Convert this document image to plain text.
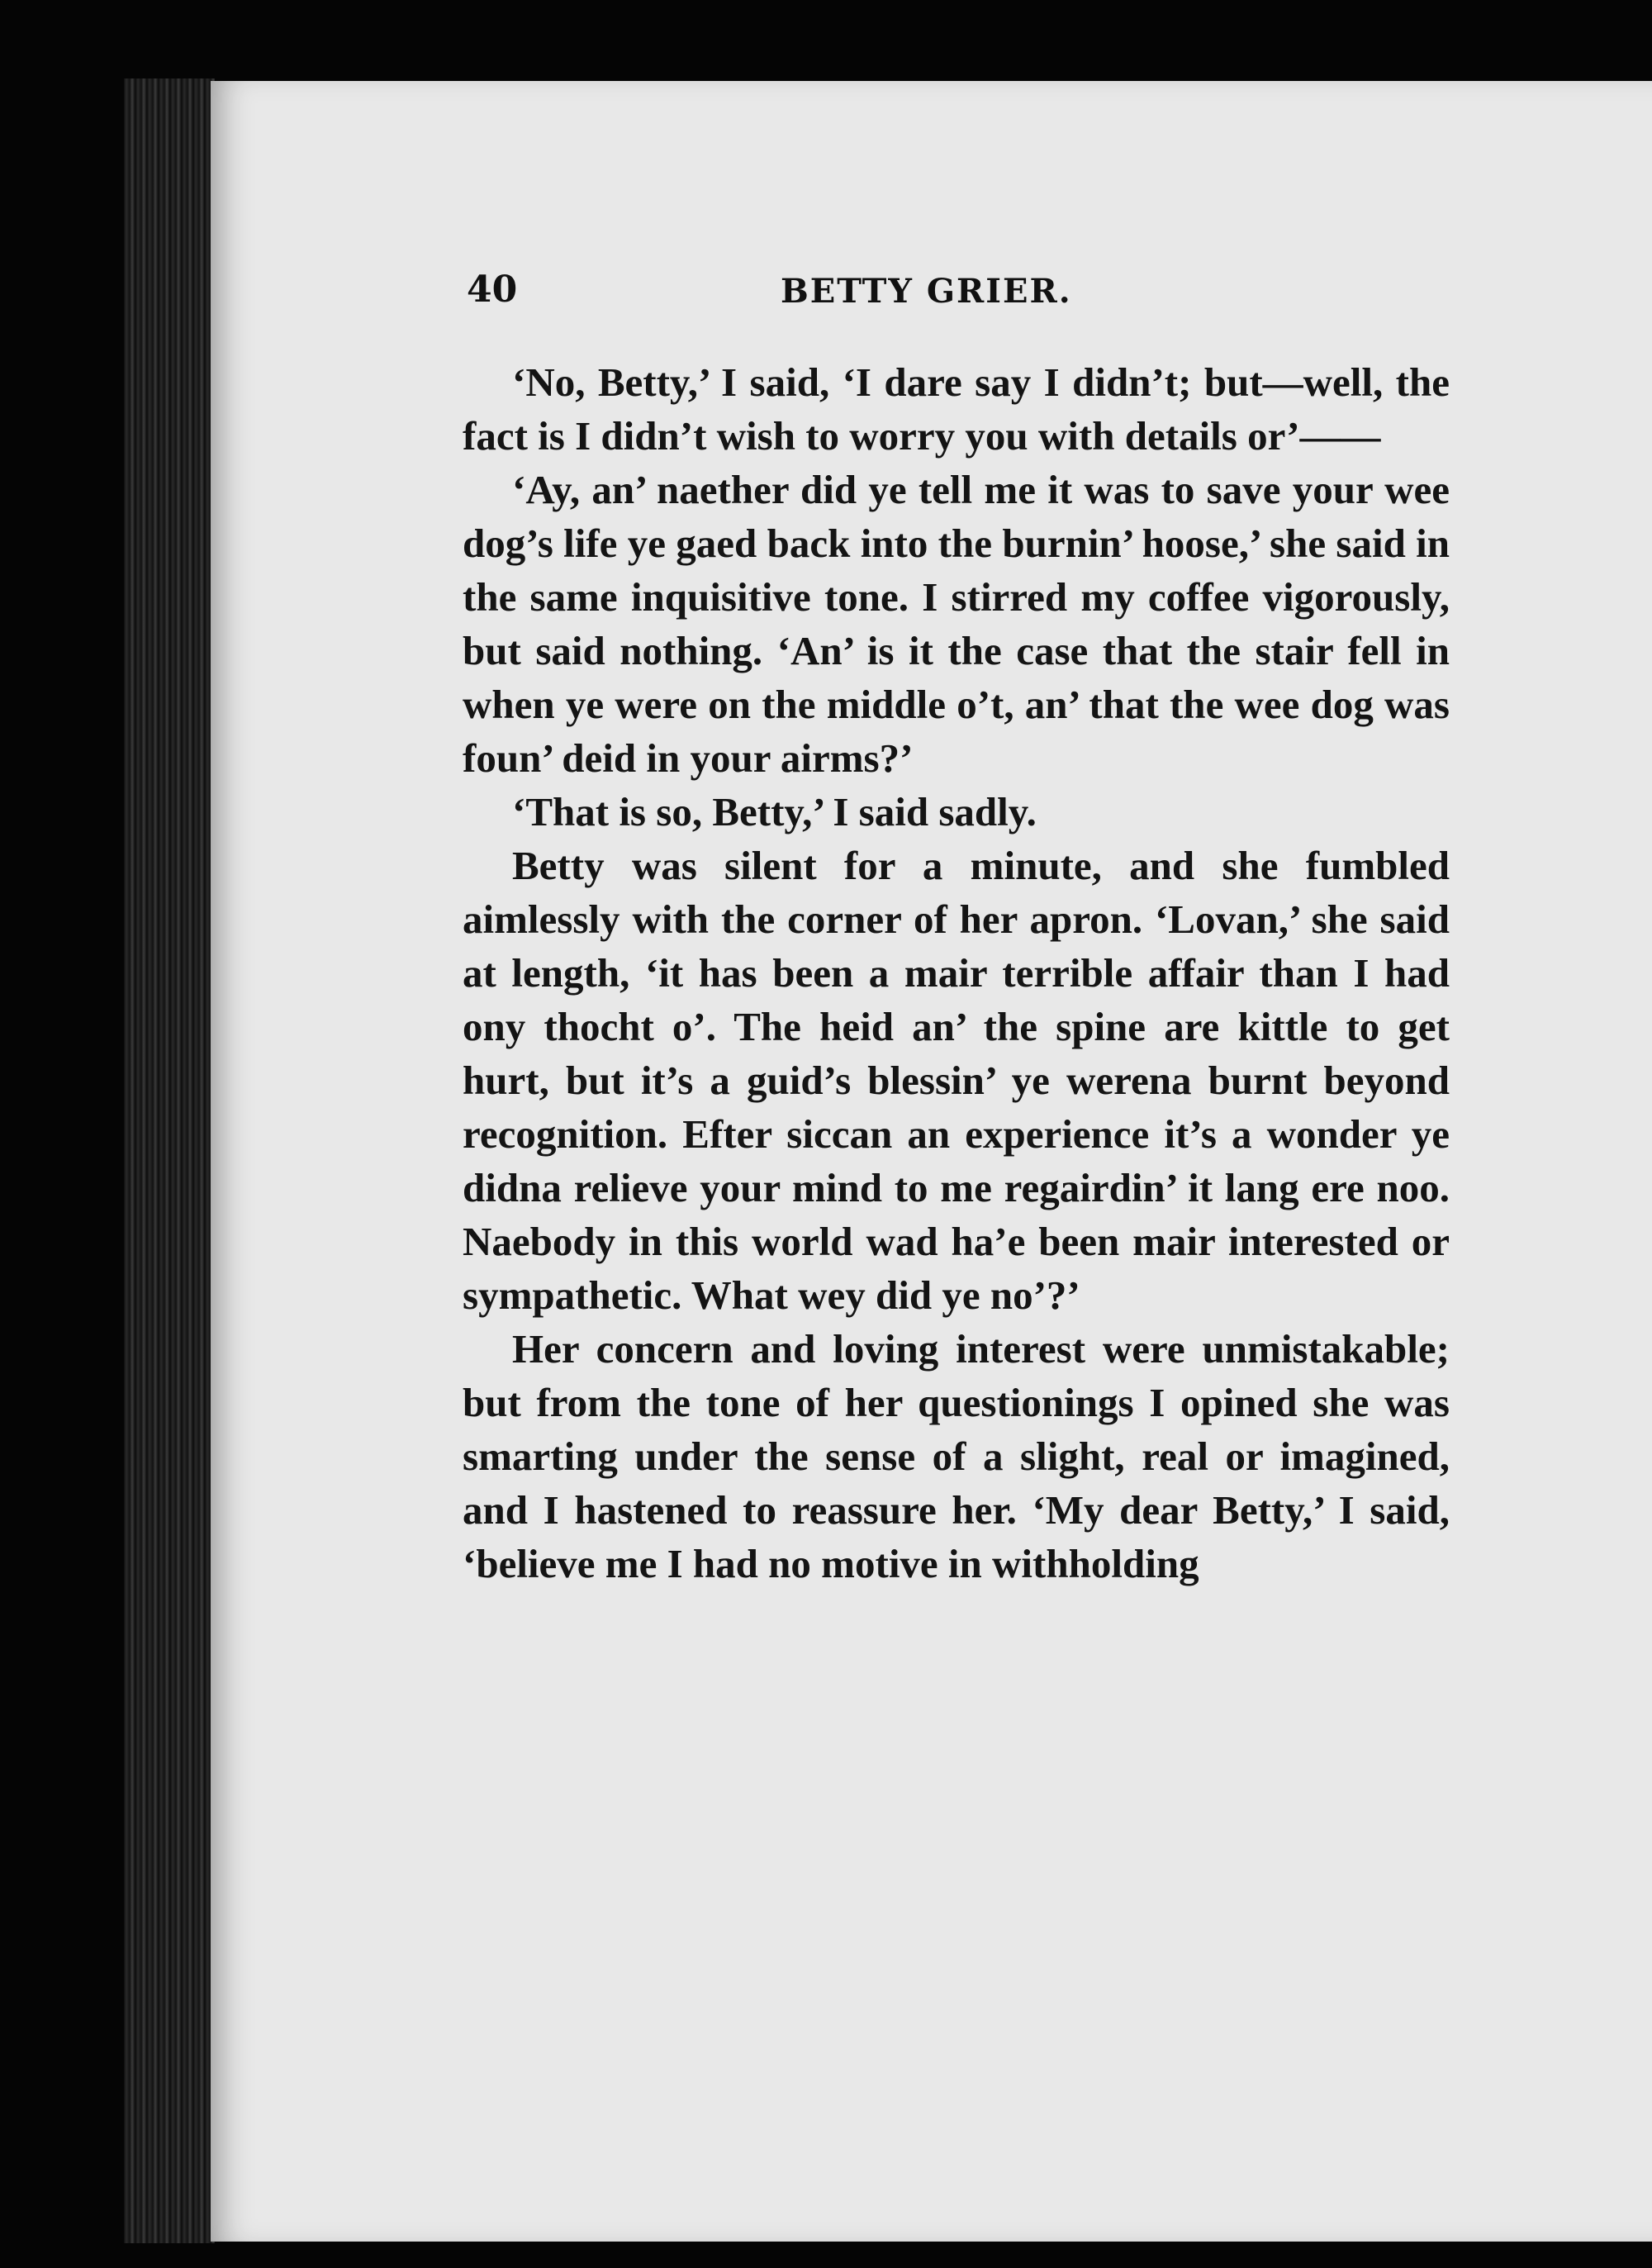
40	BETTY GRIER.

‘No, Betty,’ I said, ‘I dare say I didn’t; but—well, the fact is I didn’t wish to worry you with details or’——

‘Ay, an’ naether did ye tell me it was to save your wee dog’s life ye gaed back into the burnin’ hoose,’ she said in the same inquisitive tone. I stirred my coffee vigorously, but said nothing. ‘An’ is it the case that the stair fell in when ye were on the middle o’t, an’ that the wee dog was foun’ deid in your airms?’

‘That is so, Betty,’ I said sadly.

Betty was silent for a minute, and she fumbled aimlessly with the corner of her apron. ‘Lovan,’ she said at length, ‘it has been a mair terrible affair than I had ony thocht o’. The heid an’ the spine are kittle to get hurt, but it’s a guid’s blessin’ ye werena burnt beyond recognition. Efter siccan an experience it’s a wonder ye didna relieve your mind to me regairdin’ it lang ere noo. Naebody in this world wad ha’e been mair interested or sympathetic. What wey did ye no’?’

Her concern and loving interest were unmistakable; but from the tone of her questionings I opined she was smarting under the sense of a slight, real or imagined, and I hastened to reassure her. ‘My dear Betty,’ I said, ‘believe me I had no motive in withholding
